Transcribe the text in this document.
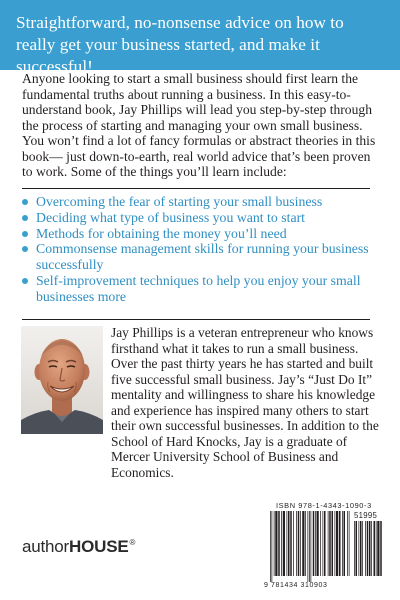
Straightforward, no-nonsense advice on how to really get your business started, and make it successful!

Anyone looking to start a small business should first learn the fundamental truths about running a business. In this easy-to-understand book, Jay Phillips will lead you step-by-step through the process of starting and managing your own small business. You won’t find a lot of fancy formulas or abstract theories in this book— just down-to-earth, real world advice that’s been proven to work. Some of the things you’ll learn include:

Overcoming the fear of starting your small business
Deciding what type of business you want to start
Methods for obtaining the money you’ll need
Commonsense management skills for running your business successfully
Self-improvement techniques to help you enjoy your small businesses more

Jay Phillips is a veteran entrepreneur who knows firsthand what it takes to run a small business. Over the past thirty years he has started and built five successful small business. Jay’s “Just Do It” mentality and willingness to share his knowledge and experience has inspired many others to start their own successful businesses. In addition to the School of Hard Knocks, Jay is a graduate of Mercer University School of Business and Economics.

authorHOUSE®
ISBN 978-1-4343-1090-3
51995
9 781434 310903
